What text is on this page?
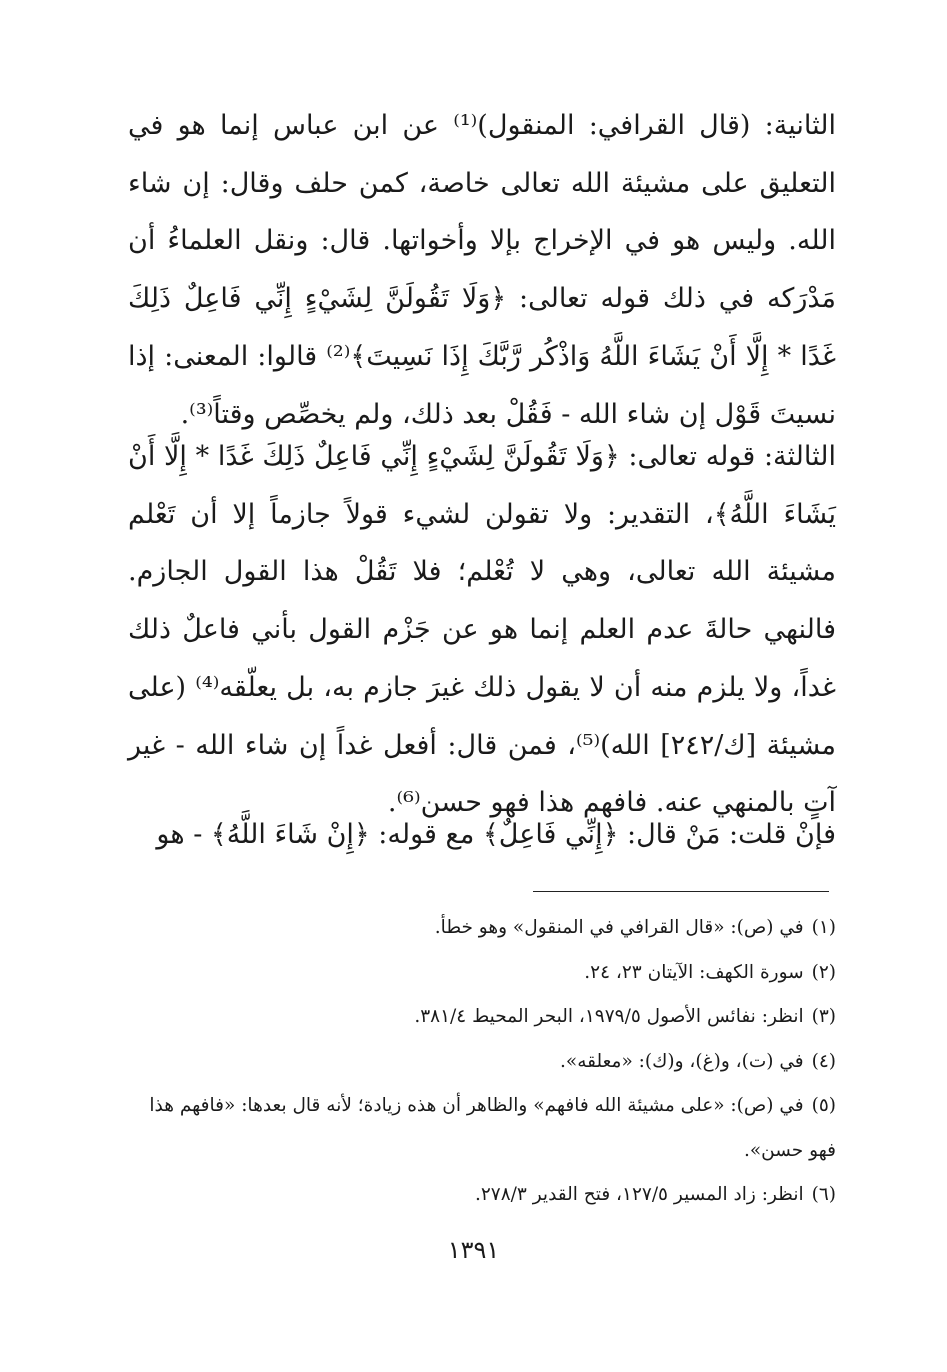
الثانية: (قال القرافي: المنقول)⁽¹⁾ عن ابن عباس إنما هو في التعليق على مشيئة الله تعالى خاصة، كمن حلف وقال: إن شاء الله. وليس هو في الإخراج بإلا وأخواتها. قال: ونقل العلماءُ أن مَدْرَكه في ذلك قوله تعالى: ﴿وَلَا تَقُولَنَّ لِشَيْءٍ إِنِّي فَاعِلٌ ذَلِكَ غَدًا * إِلَّا أَنْ يَشَاءَ اللَّهُ وَاذْكُر رَّبَّكَ إِذَا نَسِيتَ﴾⁽²⁾ قالوا: المعنى: إذا نسيتَ قَوْل إن شاء الله - فَقُلْ بعد ذلك، ولم يخصِّص وقتاً⁽³⁾.

الثالثة: قوله تعالى: ﴿وَلَا تَقُولَنَّ لِشَيْءٍ إِنِّي فَاعِلٌ ذَلِكَ غَدًا * إِلَّا أَنْ يَشَاءَ اللَّهُ﴾، التقدير: ولا تقولن لشيء قولاً جازماً إلا أن تَعْلم مشيئة الله تعالى، وهي لا تُعْلم؛ فلا تَقُلْ هذا القول الجازم. فالنهي حالةَ عدم العلم إنما هو عن جَزْم القول بأني فاعلٌ ذلك غداً، ولا يلزم منه أن لا يقول ذلك غيرَ جازم به، بل يعلّقه⁽⁴⁾ (على مشيئة [ك/٢٤٢] الله)⁽⁵⁾، فمن قال: أفعل غداً إن شاء الله - غير آتٍ بالمنهي عنه. فافهم هذا فهو حسن⁽⁶⁾.

فإنْ قلت: مَنْ قال: ﴿إِنِّي فَاعِلٌ﴾ مع قوله: ﴿إِنْ شَاءَ اللَّهُ﴾ - هو

(١)في (ص): «قال القرافي في المنقول» وهو خطأ.
(٢)سورة الكهف: الآيتان ٢٣، ٢٤.
(٣)انظر: نفائس الأصول ١٩٧٩/٥، البحر المحيط ٣٨١/٤.
(٤)في (ت)، و(غ)، و(ك): «معلقه».
(٥)في (ص): «على مشيئة الله فافهم» والظاهر أن هذه زيادة؛ لأنه قال بعدها: «فافهم هذا فهو حسن».
(٦)انظر: زاد المسير ١٢٧/٥، فتح القدير ٢٧٨/٣.
١٣٩١
